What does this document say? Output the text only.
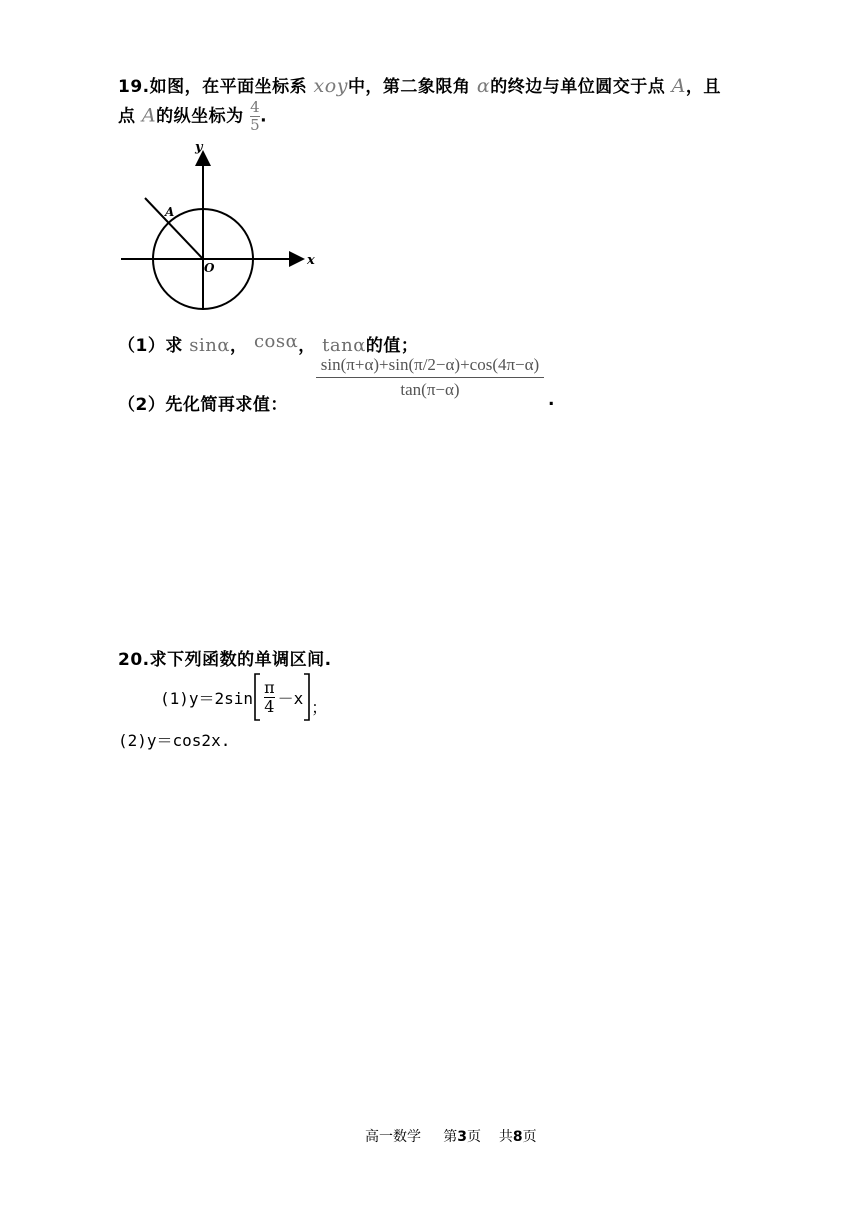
19.如图，在平面坐标系 xoy中，第二象限角 α的终边与单位圆交于点 A，且
点 A的纵坐标为 $\frac{4}{5}$ .
x
y
O
A
（1）求 sinα， cosα， tanα的值；
（2）先化简再求值：
sin(π+α)+sin(π/2−α)+cos(4π−α)
tan(π−α)
.
20.求下列函数的单调区间.
$(1)y=2\sin \frac{\pi}{4} -x$ ；
(2)y＝cos2x.
高一数学 第3页 共8页
